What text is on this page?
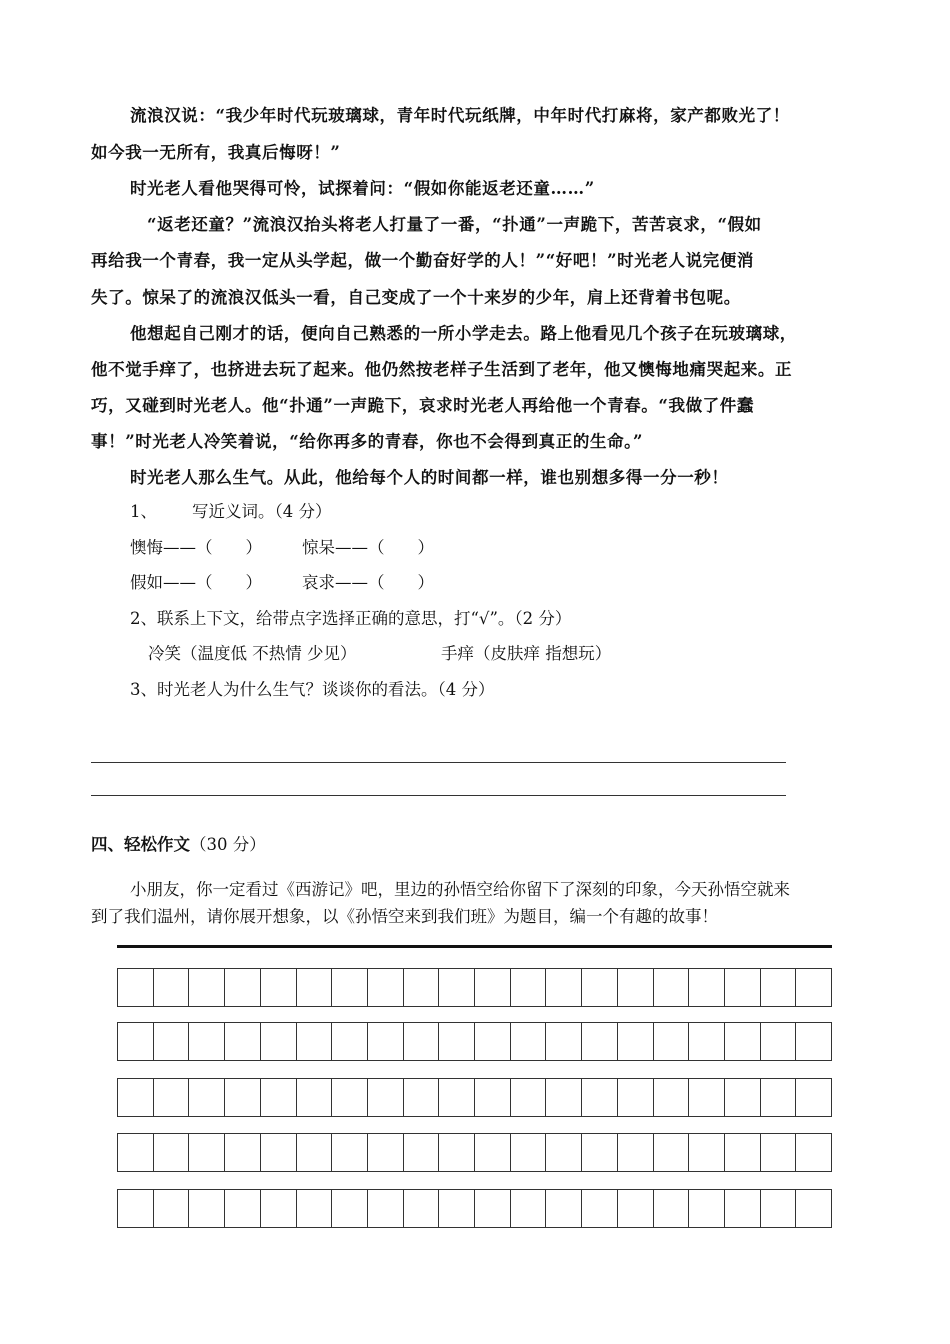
流浪汉说：“我少年时代玩玻璃球，青年时代玩纸牌，中年时代打麻将，家产都败光了！
如今我一无所有，我真后悔呀！”
时光老人看他哭得可怜，试探着问：“假如你能返老还童……”
“返老还童？”流浪汉抬头将老人打量了一番，“扑通”一声跪下，苦苦哀求，“假如
再给我一个青春，我一定从头学起，做一个勤奋好学的人！”“好吧！”时光老人说完便消
失了。惊呆了的流浪汉低头一看，自己变成了一个十来岁的少年，肩上还背着书包呢。
他想起自己刚才的话，便向自己熟悉的一所小学走去。路上他看见几个孩子在玩玻璃球，
他不觉手痒了，也挤进去玩了起来。他仍然按老样子生活到了老年，他又懊悔地痛哭起来。正
巧，又碰到时光老人。他“扑通”一声跪下，哀求时光老人再给他一个青春。“我做了件蠢
事！”时光老人冷笑着说，“给你再多的青春，你也不会得到真正的生命。”
时光老人那么生气。从此，他给每个人的时间都一样，谁也别想多得一分一秒！
1、	写近义词。（4 分）
懊悔——（　　）	惊呆——（　　）
假如——（　　）	哀求——（　　）
2、联系上下文，给带点字选择正确的意思，打“√”。（2 分）
冷笑（温度低 不热情 少见）	手痒（皮肤痒 指想玩）
3、时光老人为什么生气？谈谈你的看法。（4 分）
四、轻松作文（30 分）
小朋友，你一定看过《西游记》吧，里边的孙悟空给你留下了深刻的印象，今天孙悟空就来
到了我们温州，请你展开想象，以《孙悟空来到我们班》为题目，编一个有趣的故事！
